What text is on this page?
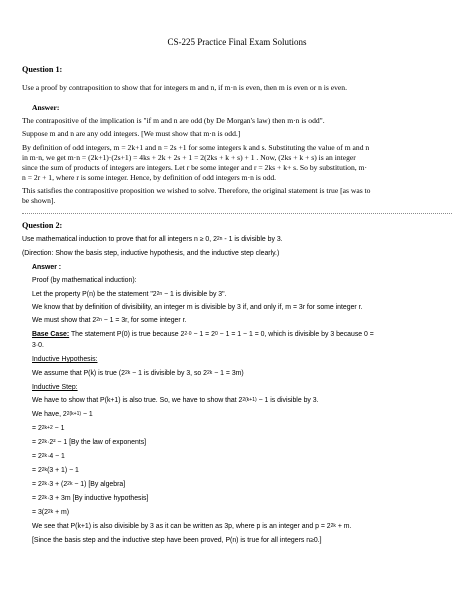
CS-225 Practice Final Exam Solutions
Question 1:
Use a proof by contraposition to show that for integers m and n, if m·n is even, then m is even or n is even.
Answer:
The contrapositive of the implication is "if m and n are odd (by De Morgan's law) then m·n is odd".
Suppose m and n are any odd integers. [We must show that m·n is odd.]
By definition of odd integers, m = 2k+1 and n = 2s +1 for some integers k and s. Substituting the value of m and n
in m·n, we get m·n = (2k+1)·(2s+1) = 4ks + 2k + 2s + 1 = 2(2ks + k + s) + 1 . Now, (2ks + k + s) is an integer
since the sum of products of integers are integers. Let r be some integer and r = 2ks + k+ s. So by substitution, m·
n = 2r + 1, where r is some integer. Hence, by definition of odd integers m·n is odd.
This satisfies the contrapositive proposition we wished to solve. Therefore, the original statement is true [as was to
be shown].
Question 2:
Use mathematical induction to prove that for all integers n ≥ 0, $2^{2n} - 1$ is divisible by 3.
(Direction: Show the basis step, inductive hypothesis, and the inductive step clearly.)
Answer :
Proof (by mathematical induction):
Let the property P(n) be the statement "$2^{2n} - 1$ is divisible by 3".
We know that by definition of divisibility, an integer m is divisible by 3 if, and only if, m = 3r for some integer r.
We must show that $2^{2n} - 1 = 3r$, for some integer r.
Base Case: The statement P(0) is true because $2^{2\cdot 0} - 1 = 2^0 - 1 = 1 - 1 = 0$, which is divisible by 3 because 0 =
3·0.
Inductive Hypothesis:
We assume that P(k) is true ($2^{2k} - 1$ is divisible by 3, so $2^{2k} - 1 = 3m$)
Inductive Step:
We have to show that P(k+1) is also true. So, we have to show that $2^{2(k+1)} - 1$ is divisible by 3.
We have, $2^{2(k+1)} - 1$
= $2^{2k+2} - 1$
= $2^{2k}\cdot 2^2 - 1$ [By the law of exponents]
= $2^{2k}\cdot 4 - 1$
= $2^{2k}(3 + 1) - 1$
= $2^{2k}\cdot 3 + (2^{2k} - 1)$ [By algebra]
= $2^{2k}\cdot 3 + 3m$ [By inductive hypothesis]
= $3(2^{2k} + m)$
We see that P(k+1) is also divisible by 3 as it can be written as 3p, where p is an integer and $p = 2^{2k} + m$.
[Since the basis step and the inductive step have been proved, P(n) is true for all integers n≥0.]
